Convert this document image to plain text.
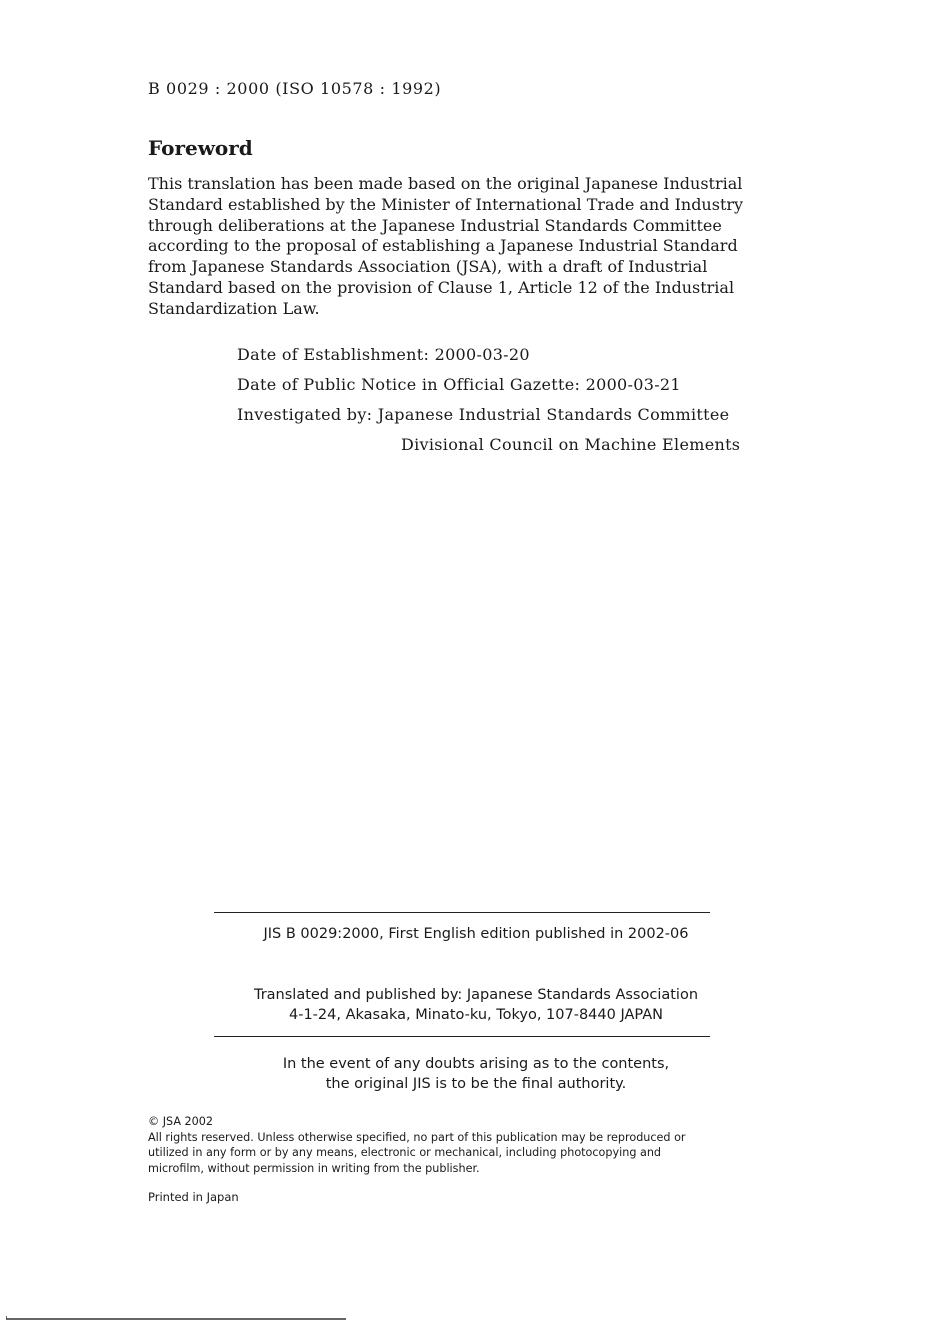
B 0029 : 2000 (ISO 10578 : 1992)
Foreword
This translation has been made based on the original Japanese Industrial
Standard established by the Minister of International Trade and Industry
through deliberations at the Japanese Industrial Standards Committee
according to the proposal of establishing a Japanese Industrial Standard
from Japanese Standards Association (JSA), with a draft of Industrial
Standard based on the provision of Clause 1, Article 12 of the Industrial
Standardization Law.
Date of Establishment: 2000-03-20
Date of Public Notice in Official Gazette: 2000-03-21
Investigated by: Japanese Industrial Standards Committee
Divisional Council on Machine Elements
JIS B 0029:2000, First English edition published in 2002-06
Translated and published by: Japanese Standards Association
4-1-24, Akasaka, Minato-ku, Tokyo, 107-8440 JAPAN
In the event of any doubts arising as to the contents,
the original JIS is to be the final authority.
© JSA 2002
All rights reserved. Unless otherwise specified, no part of this publication may be reproduced or
utilized in any form or by any means, electronic or mechanical, including photocopying and
microfilm, without permission in writing from the publisher.
Printed in Japan
